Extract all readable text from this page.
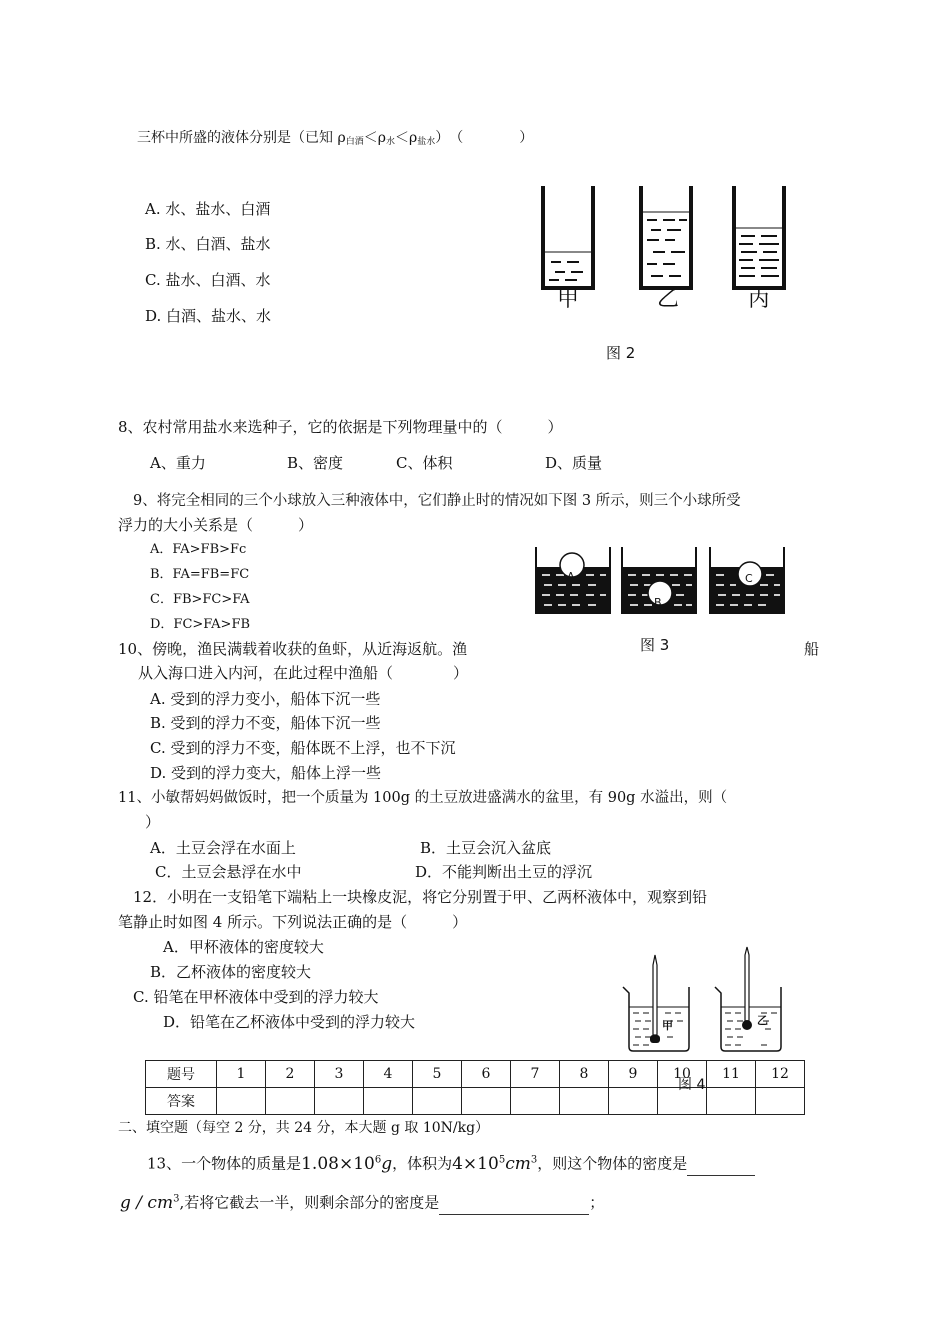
三杯中所盛的液体分别是（已知 ρ白酒＜ρ水＜ρ盐水）　（　　　　）
A. 水、盐水、白酒
B. 水、白酒、盐水
C. 盐水、白酒、水
D. 白酒、盐水、水
甲	乙	丙
图 2
8、农村常用盐水来选种子，它的依据是下列物理量中的（　　　）
A、重力	B、密度	C、体积	D、质量
9、将完全相同的三个小球放入三种液体中，它们静止时的情况如下图 3 所示，则三个小球所受
浮力的大小关系是（　　　）
A．FA>FB>Fc
B．FA=FB=FC
C．FB>FC>FA
D．FC>FA>FB
A
B
C
图 3
10、傍晚，渔民满载着收获的鱼虾，从近海返航。渔	船
从入海口进入内河，在此过程中渔船（　　　　）
A. 受到的浮力变小，船体下沉一些
B. 受到的浮力不变，船体下沉一些
C. 受到的浮力不变，船体既不上浮，也不下沉
D. 受到的浮力变大，船体上浮一些
11、小敏帮妈妈做饭时，把一个质量为 100g 的土豆放进盛满水的盆里，有 90g 水溢出，则（
）
A．土豆会浮在水面上	B．土豆会沉入盆底
C．土豆会悬浮在水中	D．不能判断出土豆的浮沉
12．小明在一支铅笔下端粘上一块橡皮泥，将它分别置于甲、乙两杯液体中，观察到铅
笔静止时如图 4 所示。下列说法正确的是（　　　）
A．甲杯液体的密度较大
B．乙杯液体的密度较大
C. 铅笔在甲杯液体中受到的浮力较大
D．铅笔在乙杯液体中受到的浮力较大	甲	乙
题号	1	2	3	4	5	6	7	8	9	10	11	12
答案												
图 4
二、填空题（每空 2 分，共 24 分，本大题 g 取 10N/kg）
13、一个物体的质量是$1.08\times 10^6g$，体积为$4\times 10^5cm^3$，则这个物体的密度是
g / $cm^3$,若将它截去一半，则剩余部分的密度是	；
